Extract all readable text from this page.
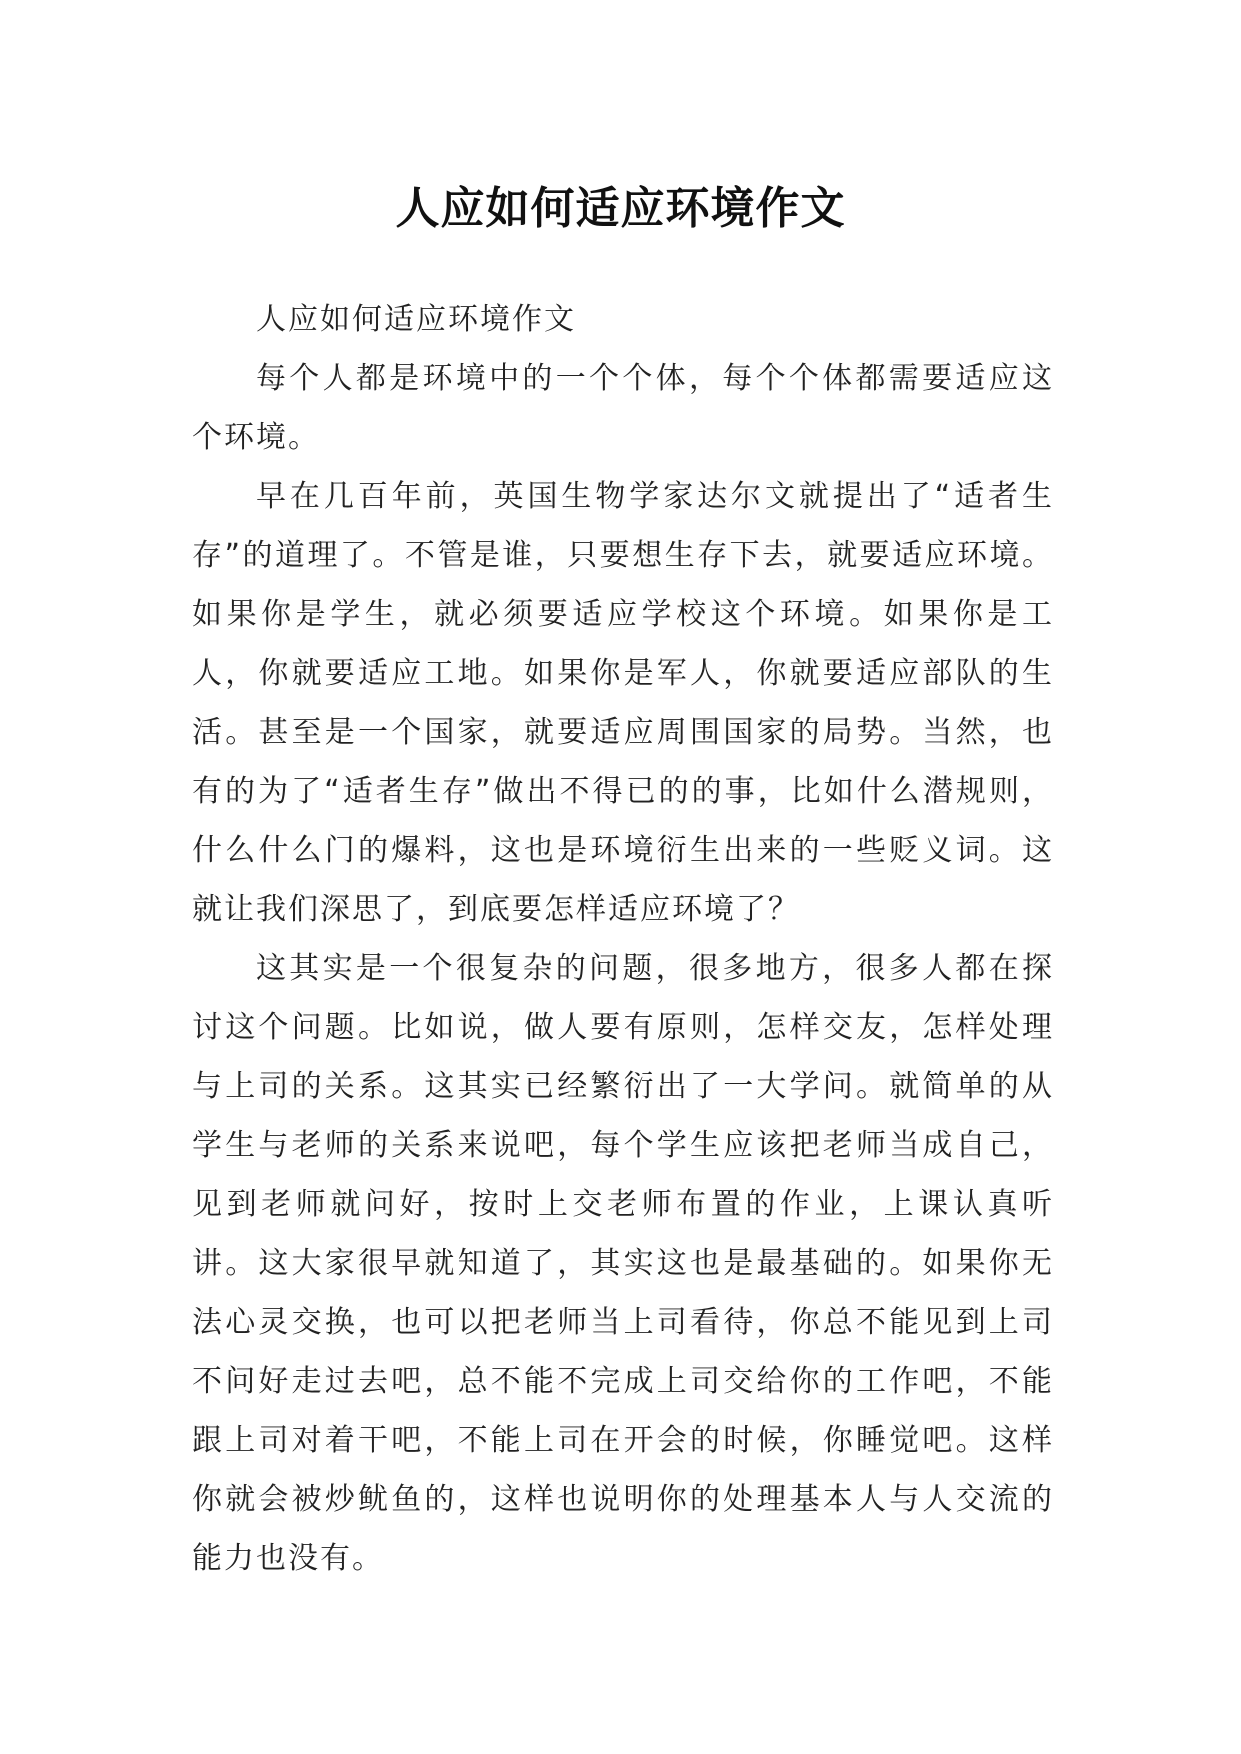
人应如何适应环境作文

人应如何适应环境作文

每个人都是环境中的一个个体，每个个体都需要适应这个环境。

早在几百年前，英国生物学家达尔文就提出了“适者生存”的道理了。不管是谁，只要想生存下去，就要适应环境。如果你是学生，就必须要适应学校这个环境。如果你是工人，你就要适应工地。如果你是军人，你就要适应部队的生活。甚至是一个国家，就要适应周围国家的局势。当然，也有的为了“适者生存”做出不得已的的事，比如什么潜规则，什么什么门的爆料，这也是环境衍生出来的一些贬义词。这就让我们深思了，到底要怎样适应环境了？

这其实是一个很复杂的问题，很多地方，很多人都在探讨这个问题。比如说，做人要有原则，怎样交友，怎样处理与上司的关系。这其实已经繁衍出了一大学问。就简单的从学生与老师的关系来说吧，每个学生应该把老师当成自己，见到老师就问好，按时上交老师布置的作业，上课认真听讲。这大家很早就知道了，其实这也是最基础的。如果你无法心灵交换，也可以把老师当上司看待，你总不能见到上司不问好走过去吧，总不能不完成上司交给你的工作吧，不能跟上司对着干吧，不能上司在开会的时候，你睡觉吧。这样你就会被炒鱿鱼的，这样也说明你的处理基本人与人交流的能力也没有。
